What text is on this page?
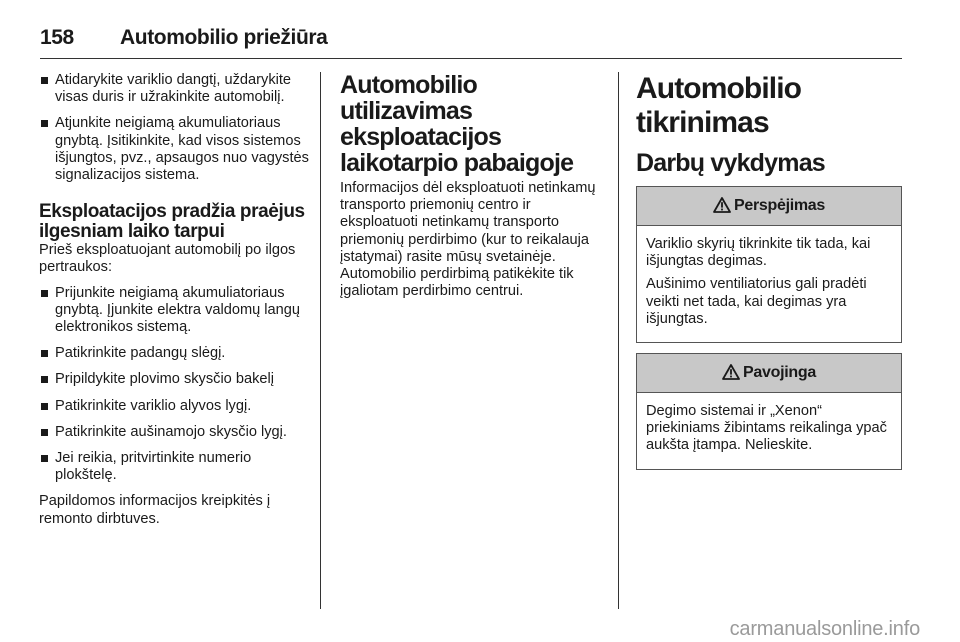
158 Automobilio priežiūra
Atidarykite variklio dangtį, uždarykite visas duris ir užrakinkite automobilį.
Atjunkite neigiamą akumuliatoriaus gnybtą. Įsitikinkite, kad visos sistemos išjungtos, pvz., apsaugos nuo vagystės signalizacijos sistema.
Eksploatacijos pradžia praėjus ilgesniam laiko tarpui

Prieš eksploatuojant automobilį po ilgos pertraukos:

Prijunkite neigiamą akumuliatoriaus gnybtą. Įjunkite elektra valdomų langų elektronikos sistemą.
Patikrinkite padangų slėgį.
Pripildykite plovimo skysčio bakelį
Patikrinkite variklio alyvos lygį.
Patikrinkite aušinamojo skysčio lygį.
Jei reikia, pritvirtinkite numerio plokštelę.

Papildomos informacijos kreipkitės į remonto dirbtuves.

Automobilio utilizavimas eksploatacijos laikotarpio pabaigoje

Informacijos dėl eksploatuoti netinkamų transporto priemonių centro ir eksploatuoti netinkamų transporto priemonių perdirbimo (kur to reikalauja įstatymai) rasite mūsų svetainėje. Automobilio perdirbimą patikėkite tik įgaliotam perdirbimo centrui.

Automobilio tikrinimas
Darbų vykdymas
Perspėjimas

Variklio skyrių tikrinkite tik tada, kai išjungtas degimas.

Aušinimo ventiliatorius gali pradėti veikti net tada, kai degimas yra išjungtas.

Pavojinga

Degimo sistemai ir „Xenon“ priekiniams žibintams reikalinga ypač aukšta įtampa. Nelieskite.

carmanualsonline.info
